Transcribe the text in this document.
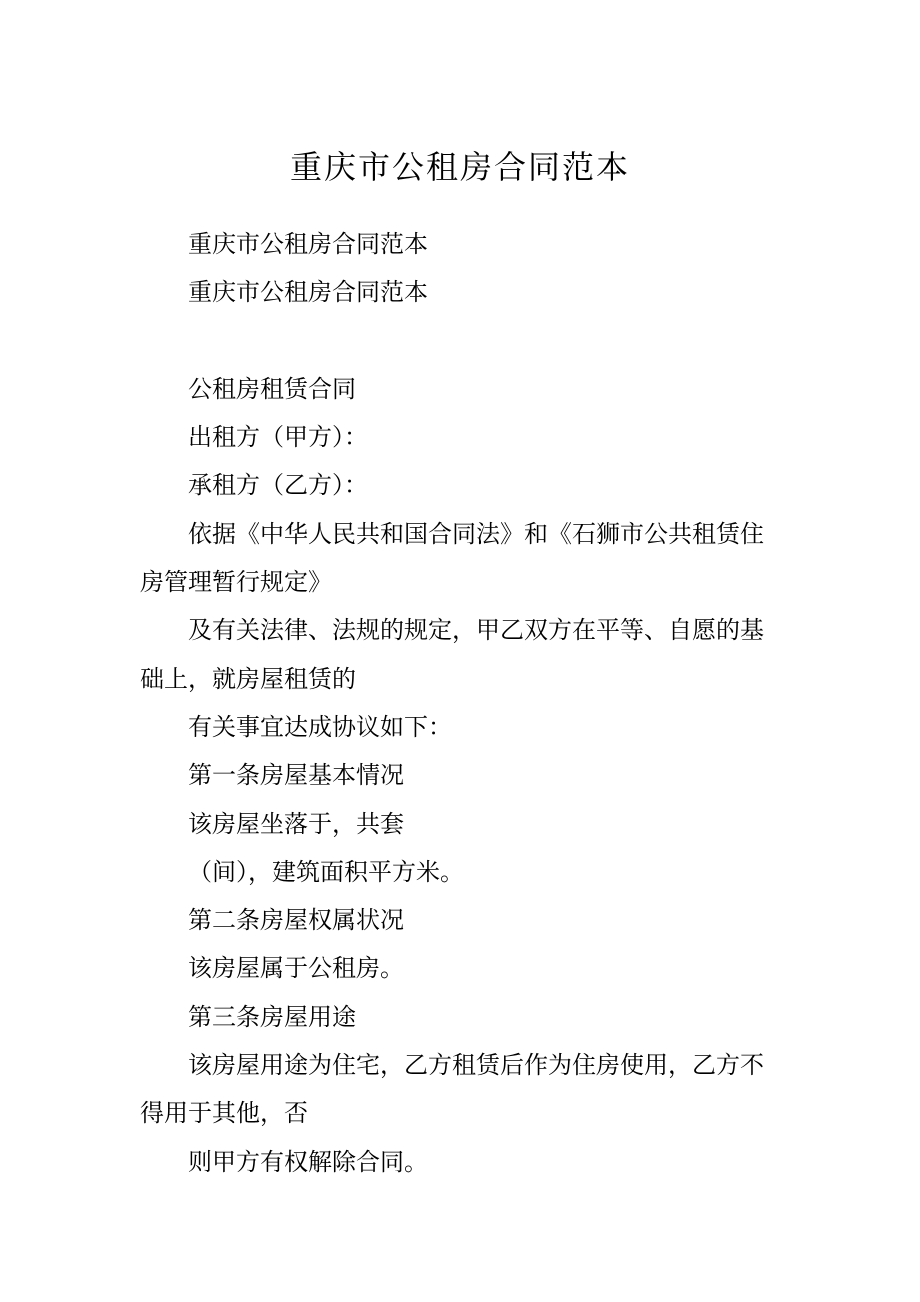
重庆市公租房合同范本

重庆市公租房合同范本

重庆市公租房合同范本

公租房租赁合同

出租方（甲方）：

承租方（乙方）：

依据《中华人民共和国合同法》和《石狮市公共租赁住房管理暂行规定》

及有关法律、法规的规定，甲乙双方在平等、自愿的基础上，就房屋租赁的

有关事宜达成协议如下：

第一条房屋基本情况

该房屋坐落于，共套

（间），建筑面积平方米。

第二条房屋权属状况

该房屋属于公租房。

第三条房屋用途

该房屋用途为住宅，乙方租赁后作为住房使用，乙方不得用于其他，否

则甲方有权解除合同。
